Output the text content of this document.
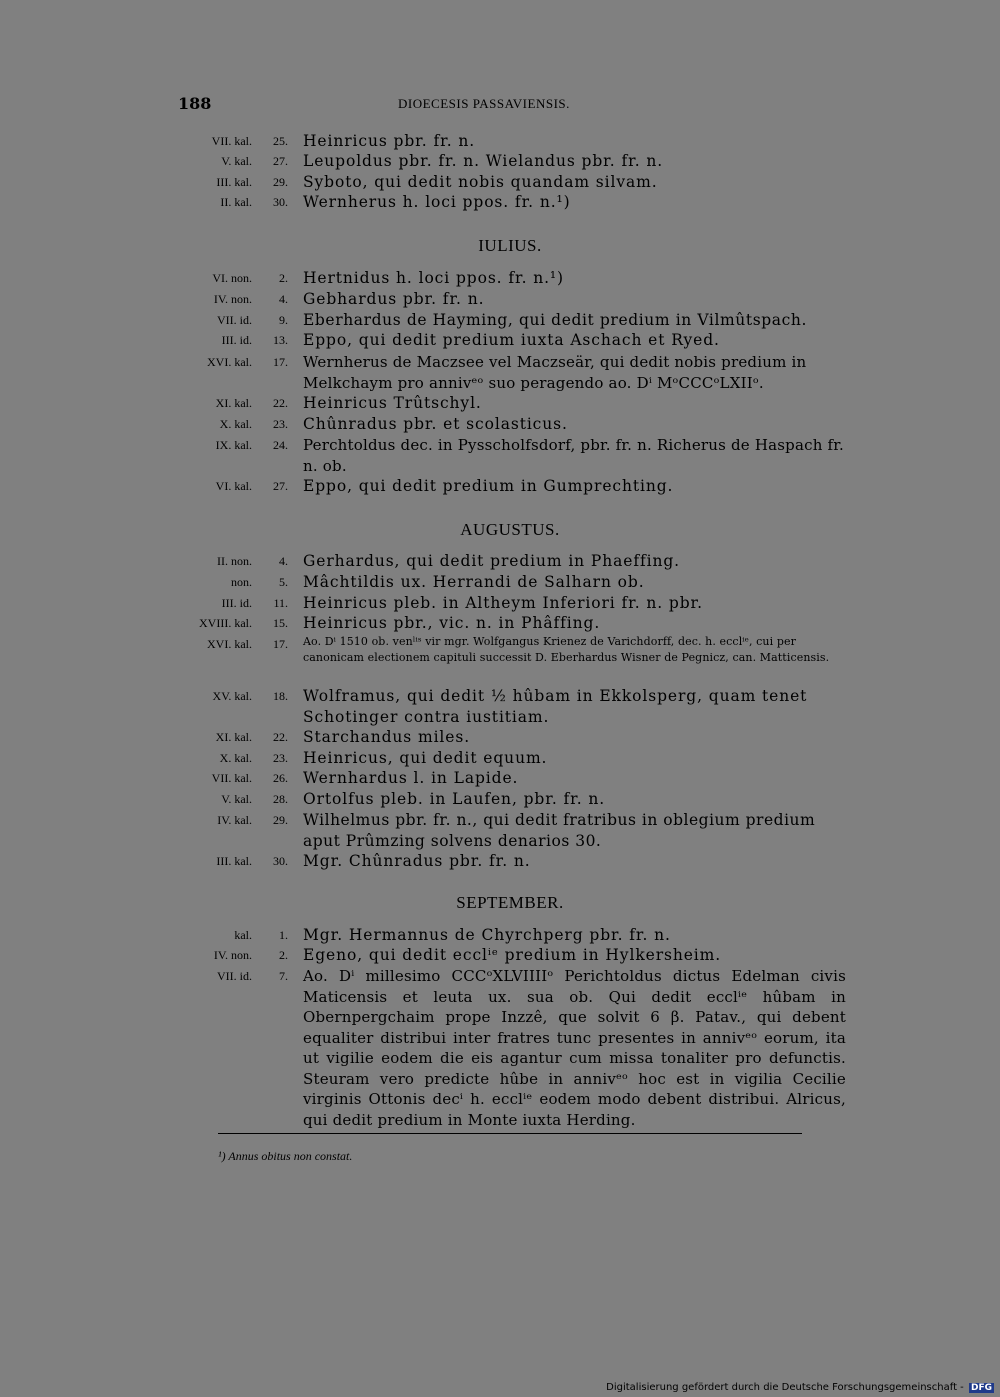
188	DIOECESIS PASSAVIENSIS.
VII. kal.	25. Heinricus pbr. fr. n.
V. kal.	27. Leupoldus pbr. fr. n. Wielandus pbr. fr. n.
III. kal.	29. Syboto, qui dedit nobis quandam silvam.
II. kal.	30. Wernherus h. loci ppos. fr. n.¹)
IULIUS.
VI. non.	2. Hertnidus h. loci ppos. fr. n.¹)
IV. non.	4. Gebhardus pbr. fr. n.
VII. id.	9. Eberhardus de Hayming, qui dedit predium in Vilmûtspach.
III. id.	13. Eppo, qui dedit predium iuxta Aschach et Ryed.
XVI. kal.	17. Wernherus de Maczsee vel Maczseär, qui dedit nobis predium in Melkchaym pro annivᵉᵒ suo peragendo ao. Dⁱ MᵒCCCᵒLXIIᵒ.
XI. kal.	22. Heinricus Trûtschyl.
X. kal.	23. Chûnradus pbr. et scolasticus.
IX. kal.	24. Perchtoldus dec. in Pysscholfsdorf, pbr. fr. n. Richerus de Haspach fr. n. ob.
VI. kal.	27. Eppo, qui dedit predium in Gumprechting.
AUGUSTUS.
II. non.	4. Gerhardus, qui dedit predium in Phaeffing.
non.	5. Mâchtildis ux. Herrandi de Salharn ob.
III. id.	11. Heinricus pleb. in Altheym Inferiori fr. n. pbr.
XVIII. kal.	15. Heinricus pbr., vic. n. in Phâffing.
XVI. kal.	17. Ao. Dⁱ 1510 ob. venˡⁱˢ vir mgr. Wolfgangus Krienez de Varichdorff, dec. h. ecclⁱᵉ, cui per canonicam electionem capituli successit D. Eberhardus Wisner de Pegnicz, can. Matticensis.
XV. kal.	18. Wolframus, qui dedit ½ hûbam in Ekkolsperg, quam tenet Schotinger contra iustitiam.
XI. kal.	22. Starchandus miles.
X. kal.	23. Heinricus, qui dedit equum.
VII. kal.	26. Wernhardus l. in Lapide.
V. kal.	28. Ortolfus pleb. in Laufen, pbr. fr. n.
IV. kal.	29. Wilhelmus pbr. fr. n., qui dedit fratribus in oblegium predium aput Prûmzing solvens denarios 30.
III. kal.	30. Mgr. Chûnradus pbr. fr. n.
SEPTEMBER.
kal.	1. Mgr. Hermannus de Chyrchperg pbr. fr. n.
IV. non.	2. Egeno, qui dedit ecclⁱᵉ predium in Hylkersheim.
VII. id.	7. Ao. Dⁱ millesimo CCCᵒXLVIIIIᵒ Perichtoldus dictus Edelman civis Maticensis et leuta ux. sua ob. Qui dedit ecclⁱᵉ hûbam in Obernpergchaim prope Inzzê, que solvit 6 β. Patav., qui debent equaliter distribui inter fratres tunc presentes in annivᵉᵒ eorum, ita ut vigilie eodem die eis agantur cum missa tonaliter pro defunctis. Steuram vero predicte hûbe in annivᵉᵒ hoc est in vigilia Cecilie virginis Ottonis decⁱ h. ecclⁱᵉ eodem modo debent distribui. Alricus, qui dedit predium in Monte iuxta Herding.
¹) Annus obitus non constat.
Digitalisierung gefördert durch die Deutsche Forschungsgemeinschaft - DFG
